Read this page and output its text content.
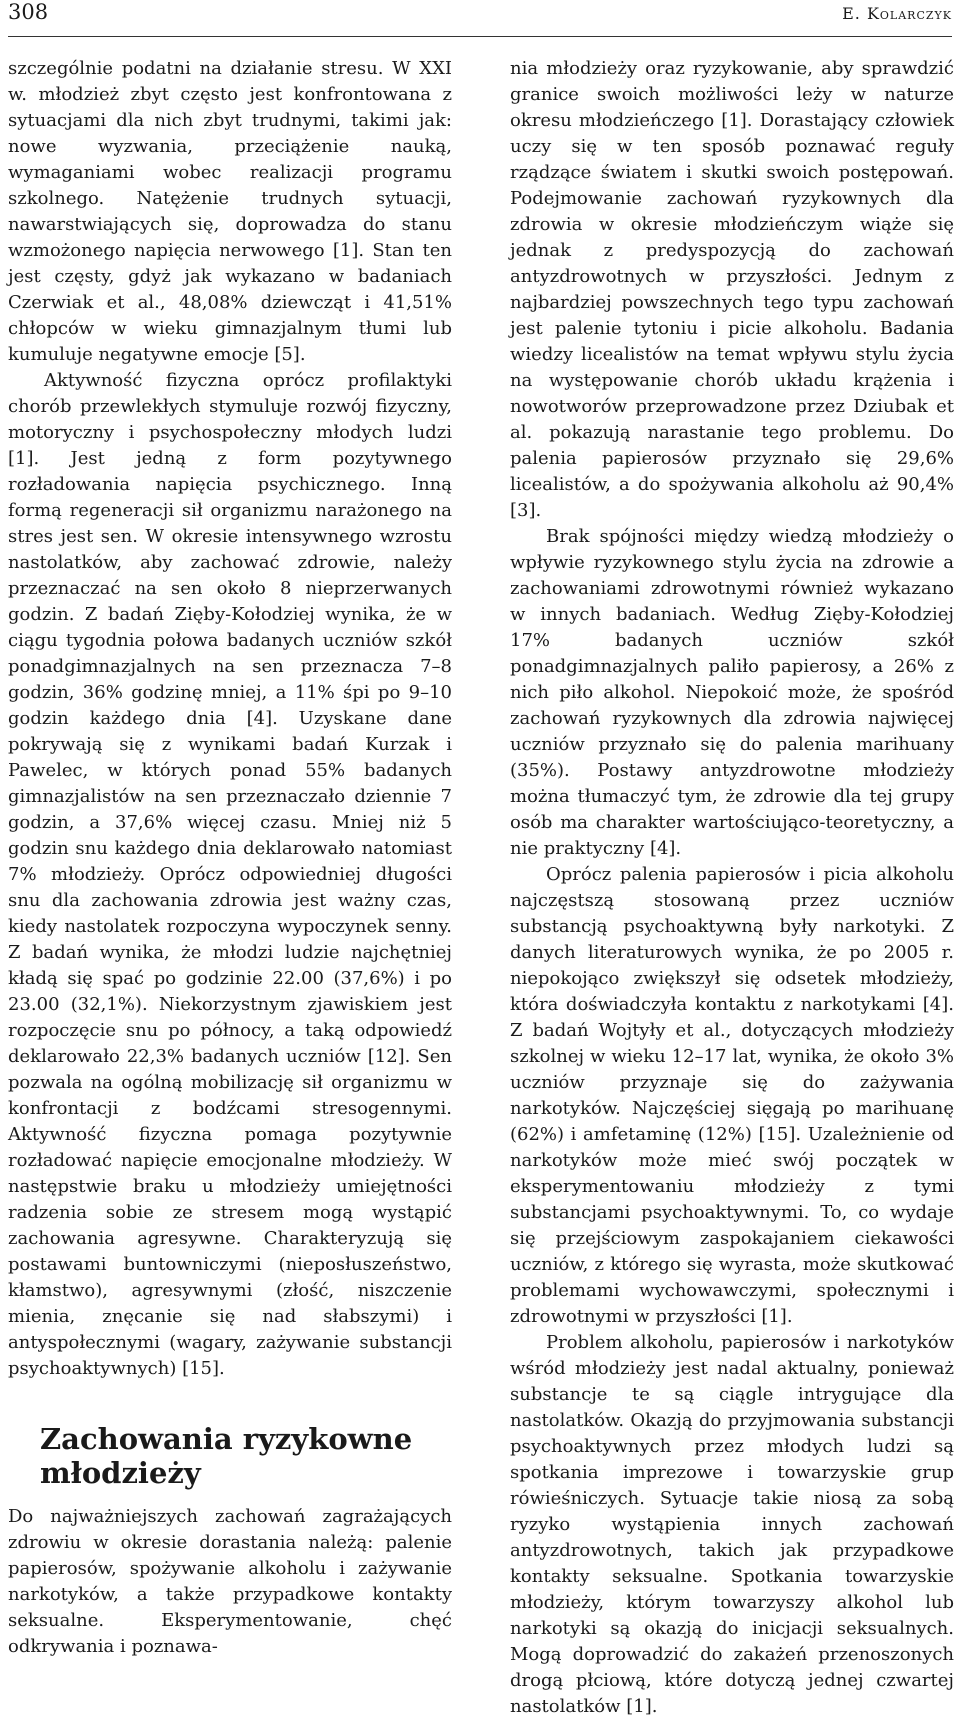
308	E. Kolarczyk

szczególnie podatni na działanie stresu. W XXI w. młodzież zbyt często jest konfrontowana z sytuacjami dla nich zbyt trudnymi, takimi jak: nowe wyzwania, przeciążenie nauką, wymaganiami wobec realizacji programu szkolnego. Natężenie trudnych sytuacji, nawarstwiających się, doprowadza do stanu wzmożonego napięcia nerwowego [1]. Stan ten jest częsty, gdyż jak wykazano w badaniach Czerwiak et al., 48,08% dziewcząt i 41,51% chłopców w wieku gimnazjalnym tłumi lub kumuluje negatywne emocje [5].

Aktywność fizyczna oprócz profilaktyki chorób przewlekłych stymuluje rozwój fizyczny, motoryczny i psychospołeczny młodych ludzi [1]. Jest jedną z form pozytywnego rozładowania napięcia psychicznego. Inną formą regeneracji sił organizmu narażonego na stres jest sen. W okresie intensywnego wzrostu nastolatków, aby zachować zdrowie, należy przeznaczać na sen około 8 nieprzerwanych godzin. Z badań Zięby-Kołodziej wynika, że w ciągu tygodnia połowa badanych uczniów szkół ponadgimnazjalnych na sen przeznacza 7–8 godzin, 36% godzinę mniej, a 11% śpi po 9–10 godzin każdego dnia [4]. Uzyskane dane pokrywają się z wynikami badań Kurzak i Pawelec, w których ponad 55% badanych gimnazjalistów na sen przeznaczało dziennie 7 godzin, a 37,6% więcej czasu. Mniej niż 5 godzin snu każdego dnia deklarowało natomiast 7% młodzieży. Oprócz odpowiedniej długości snu dla zachowania zdrowia jest ważny czas, kiedy nastolatek rozpoczyna wypoczynek senny. Z badań wynika, że młodzi ludzie najchętniej kładą się spać po godzinie 22.00 (37,6%) i po 23.00 (32,1%). Niekorzystnym zjawiskiem jest rozpoczęcie snu po północy, a taką odpowiedź deklarowało 22,3% badanych uczniów [12]. Sen pozwala na ogólną mobilizację sił organizmu w konfrontacji z bodźcami stresogennymi. Aktywność fizyczna pomaga pozytywnie rozładować napięcie emocjonalne młodzieży. W następstwie braku u młodzieży umiejętności radzenia sobie ze stresem mogą wystąpić zachowania agresywne. Charakteryzują się postawami buntowniczymi (nieposłuszeństwo, kłamstwo), agresywnymi (złość, niszczenie mienia, znęcanie się nad słabszymi) i antyspołecznymi (wagary, zażywanie substancji psychoaktywnych) [15].

Zachowania ryzykowne
młodzieży

Do najważniejszych zachowań zagrażających zdrowiu w okresie dorastania należą: palenie papierosów, spożywanie alkoholu i zażywanie narkotyków, a także przypadkowe kontakty seksualne. Eksperymentowanie, chęć odkrywania i poznawa-

nia młodzieży oraz ryzykowanie, aby sprawdzić granice swoich możliwości leży w naturze okresu młodzieńczego [1]. Dorastający człowiek uczy się w ten sposób poznawać reguły rządzące światem i skutki swoich postępowań. Podejmowanie zachowań ryzykownych dla zdrowia w okresie młodzieńczym wiąże się jednak z predyspozycją do zachowań antyzdrowotnych w przyszłości. Jednym z najbardziej powszechnych tego typu zachowań jest palenie tytoniu i picie alkoholu. Badania wiedzy licealistów na temat wpływu stylu życia na występowanie chorób układu krążenia i nowotworów przeprowadzone przez Dziubak et al. pokazują narastanie tego problemu. Do palenia papierosów przyznało się 29,6% licealistów, a do spożywania alkoholu aż 90,4% [3].

Brak spójności między wiedzą młodzieży o wpływie ryzykownego stylu życia na zdrowie a zachowaniami zdrowotnymi również wykazano w innych badaniach. Według Zięby-Kołodziej 17% badanych uczniów szkół ponadgimnazjalnych paliło papierosy, a 26% z nich piło alkohol. Niepokoić może, że spośród zachowań ryzykownych dla zdrowia najwięcej uczniów przyznało się do palenia marihuany (35%). Postawy antyzdrowotne młodzieży można tłumaczyć tym, że zdrowie dla tej grupy osób ma charakter wartościująco-teoretyczny, a nie praktyczny [4].

Oprócz palenia papierosów i picia alkoholu najczęstszą stosowaną przez uczniów substancją psychoaktywną były narkotyki. Z danych literaturowych wynika, że po 2005 r. niepokojąco zwiększył się odsetek młodzieży, która doświadczyła kontaktu z narkotykami [4]. Z badań Wojtyły et al., dotyczących młodzieży szkolnej w wieku 12–17 lat, wynika, że około 3% uczniów przyznaje się do zażywania narkotyków. Najczęściej sięgają po marihuanę (62%) i amfetaminę (12%) [15]. Uzależnienie od narkotyków może mieć swój początek w eksperymentowaniu młodzieży z tymi substancjami psychoaktywnymi. To, co wydaje się przejściowym zaspokajaniem ciekawości uczniów, z którego się wyrasta, może skutkować problemami wychowawczymi, społecznymi i zdrowotnymi w przyszłości [1].

Problem alkoholu, papierosów i narkotyków wśród młodzieży jest nadal aktualny, ponieważ substancje te są ciągle intrygujące dla nastolatków. Okazją do przyjmowania substancji psychoaktywnych przez młodych ludzi są spotkania imprezowe i towarzyskie grup rówieśniczych. Sytuacje takie niosą za sobą ryzyko wystąpienia innych zachowań antyzdrowotnych, takich jak przypadkowe kontakty seksualne. Spotkania towarzyskie młodzieży, którym towarzyszy alkohol lub narkotyki są okazją do inicjacji seksualnych. Mogą doprowadzić do zakażeń przenoszonych drogą płciową, które dotyczą jednej czwartej nastolatków [1].
